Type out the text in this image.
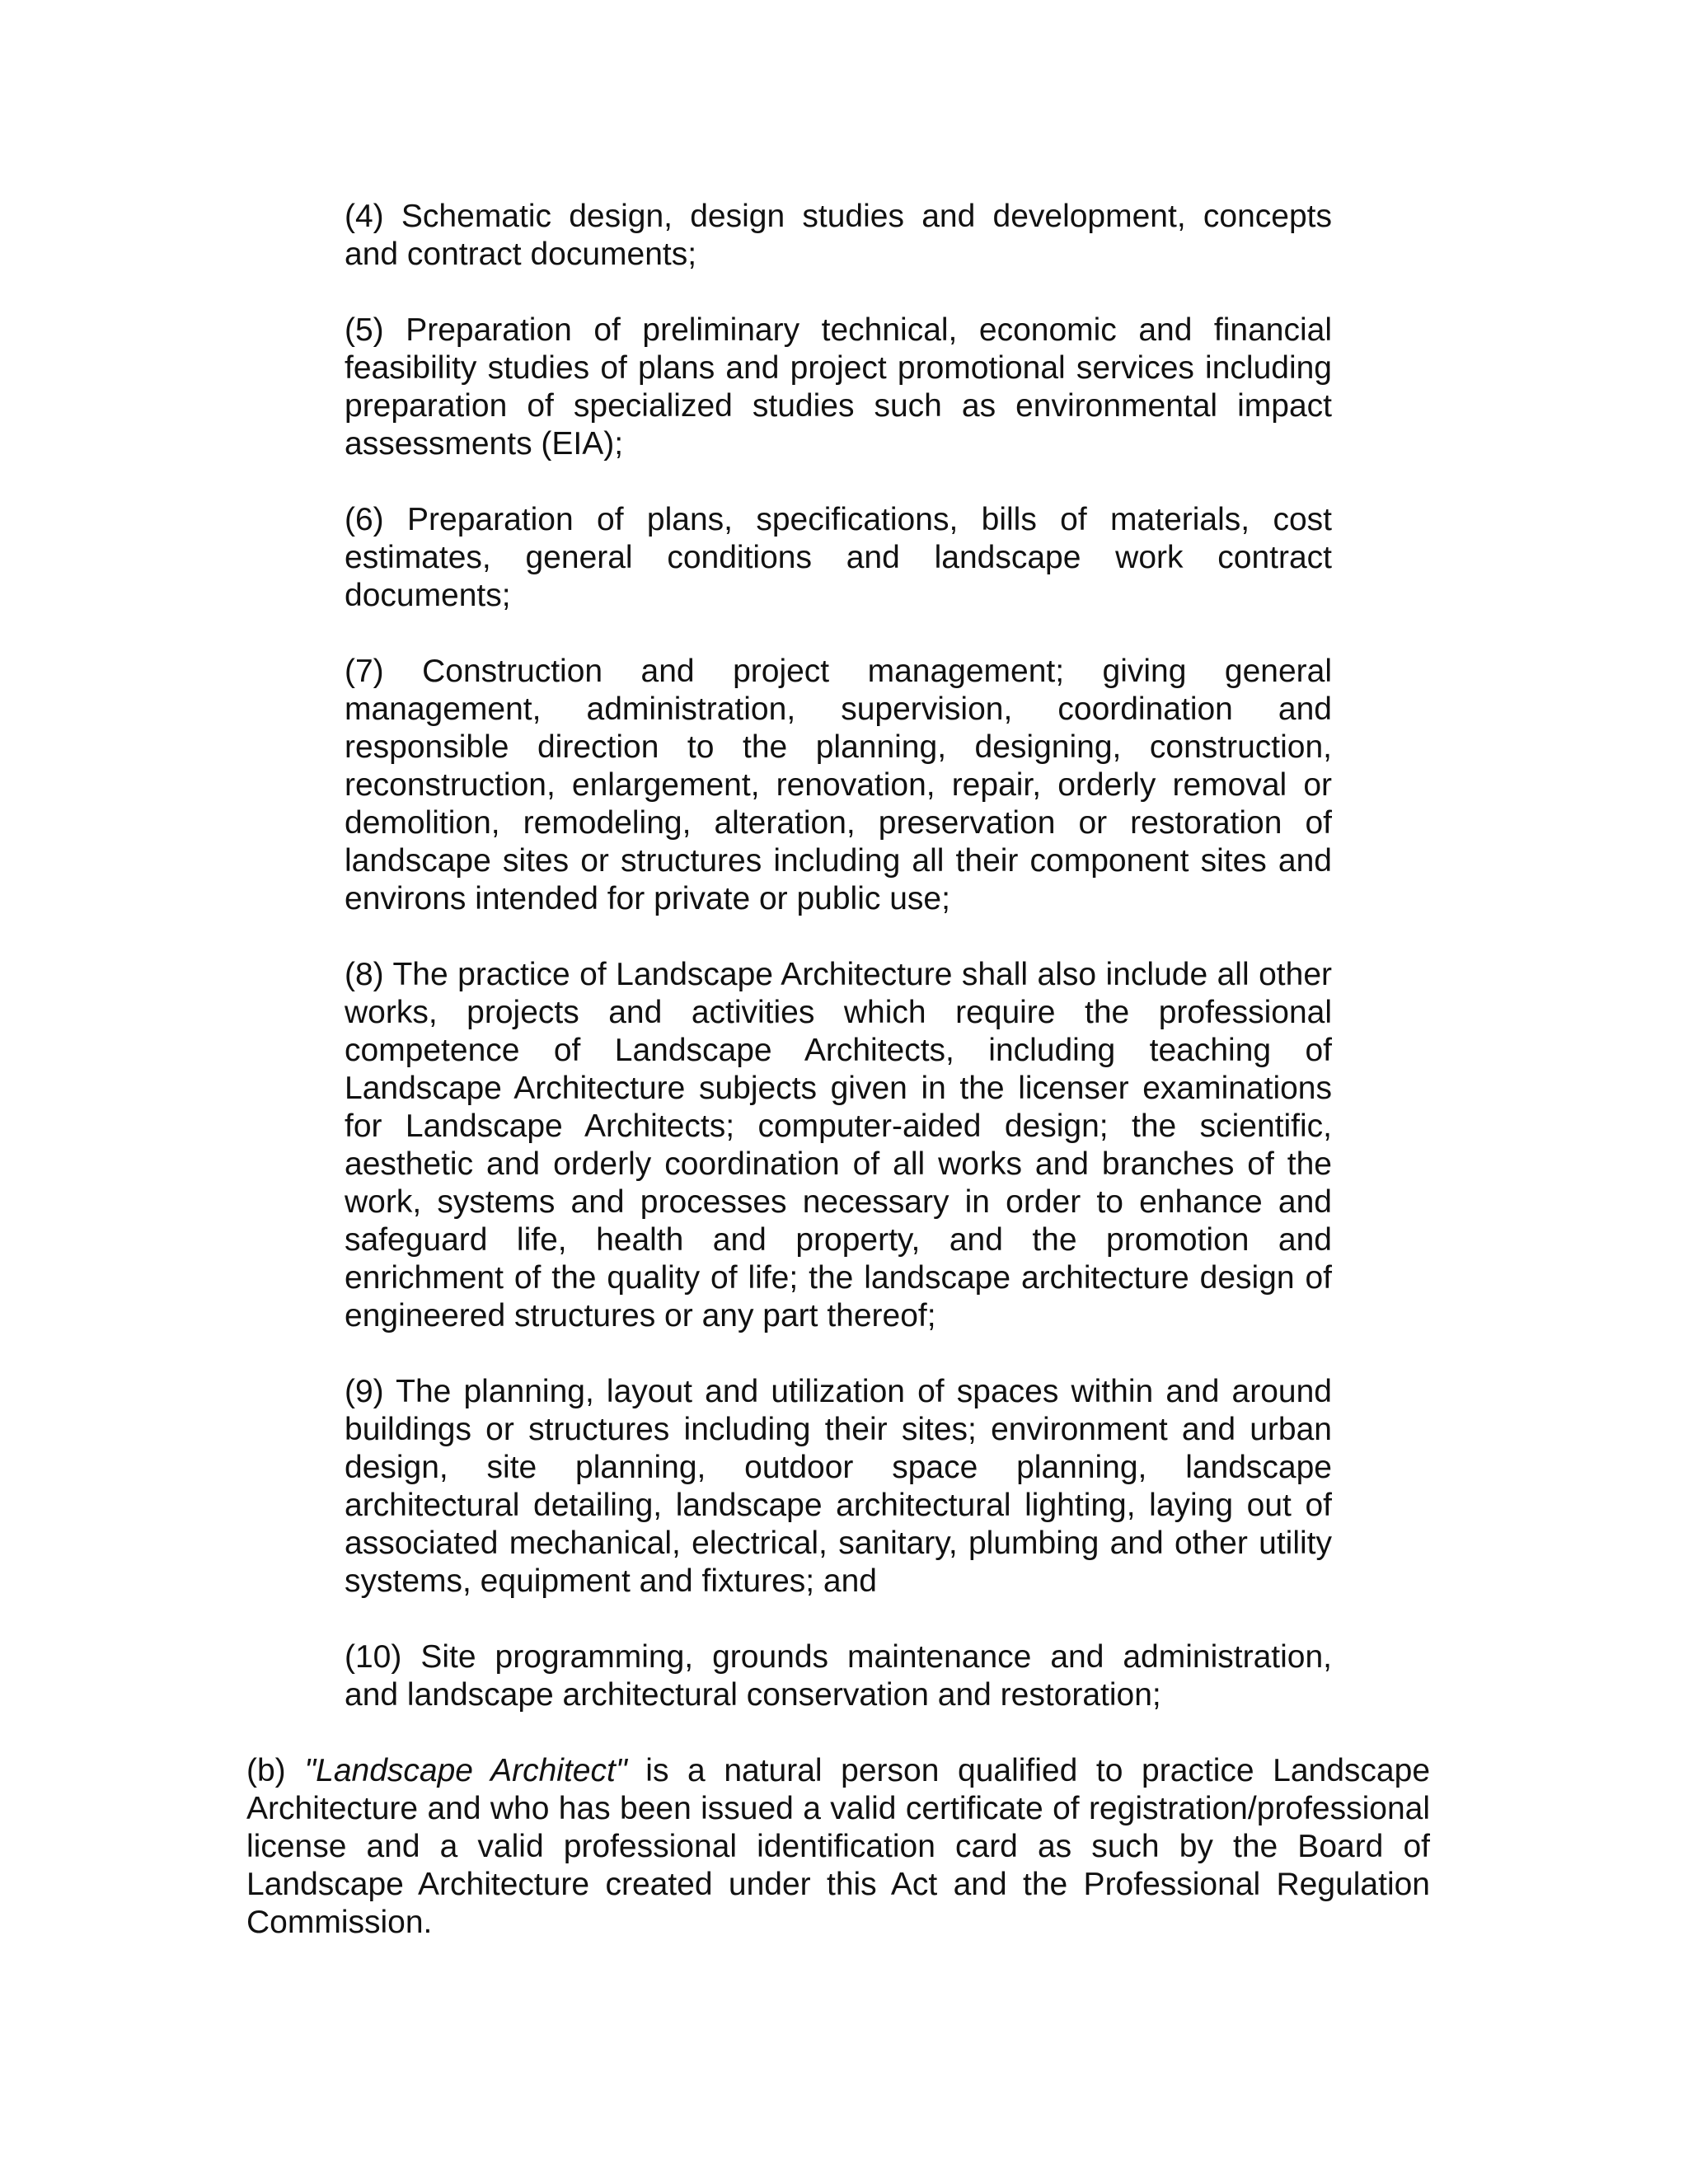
(4) Schematic design, design studies and development, concepts and contract documents;

(5) Preparation of preliminary technical, economic and financial feasibility studies of plans and project promotional services including preparation of specialized studies such as environmental impact assessments (EIA);

(6) Preparation of plans, specifications, bills of materials, cost estimates, general conditions and landscape work contract documents;

(7) Construction and project management; giving general management, administration, supervision, coordination and responsible direction to the planning, designing, construction, reconstruction, enlargement, renovation, repair, orderly removal or demolition, remodeling, alteration, preservation or restoration of landscape sites or structures including all their component sites and environs intended for private or public use;

(8) The practice of Landscape Architecture shall also include all other works, projects and activities which require the professional competence of Landscape Architects, including teaching of Landscape Architecture subjects given in the licenser examinations for Landscape Architects; computer-aided design; the scientific, aesthetic and orderly coordination of all works and branches of the work, systems and processes necessary in order to enhance and safeguard life, health and property, and the promotion and enrichment of the quality of life; the landscape architecture design of engineered structures or any part thereof;

(9) The planning, layout and utilization of spaces within and around buildings or structures including their sites; environment and urban design, site planning, outdoor space planning, landscape architectural detailing, landscape architectural lighting, laying out of associated mechanical, electrical, sanitary, plumbing and other utility systems, equipment and fixtures; and

(10) Site programming, grounds maintenance and administration, and landscape architectural conservation and restoration;

(b) "Landscape Architect" is a natural person qualified to practice Landscape Architecture and who has been issued a valid certificate of registration/professional license and a valid professional identification card as such by the Board of Landscape Architecture created under this Act and the Professional Regulation Commission.
